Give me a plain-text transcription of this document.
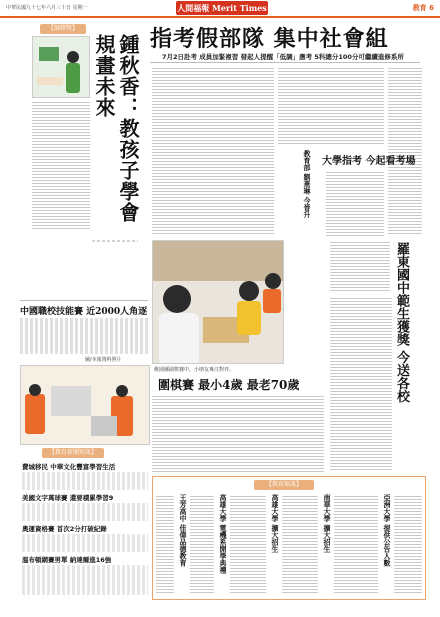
中華民國九十七年六月三十日 星期一	人間福報 Merit Times	教育 6
【師鐸獎】
鍾秋香：教孩子學會規畫未來
中國職校技能賽 近2000人角逐
圖/本報資料照片
【教育新聞短訊】
費城移民 中華文化豐富學習生活
美國文字萬球賽 還要積累學習9
奧運資格賽 首次2分打破紀錄
溫布頓網賽男單 納達爾進16強
指考假部隊 集中社會組
7月2日赴考 成員加緊複習 發起人提醒「低調」應考 5科總分100分可繼續進修系所
大學指考 今起看考場
教育部 劉燕琳 今晉升
桃園縣圍棋賽中，小朋友專注對弈。
圍棋賽 最小4歲 最老70歲	羅東國中範生獲獎 今送各校
【教育短訊】
王芳高中 佳偉品德教育	高雄大學 電機系開學典禮	高雄大學 擴大招生	南華大學 擴大招生	亞洲大學 提供公告人數
